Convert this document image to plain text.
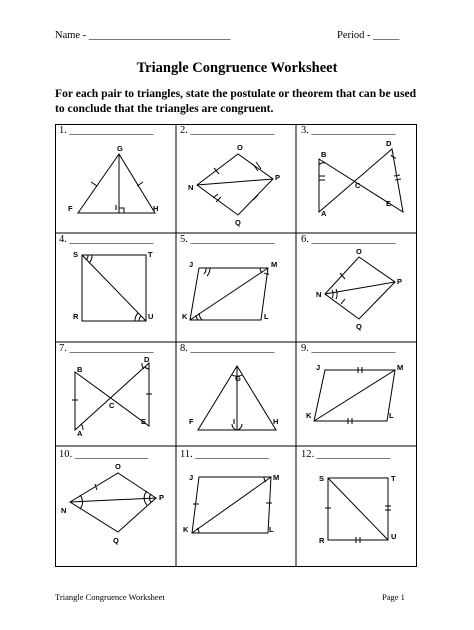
Name - ___________________________	Period - _____
Triangle Congruence Worksheet
For each pair to triangles, state the postulate or theorem that can be used to conclude that the triangles are congruent.
G
F	I	H
O
N
P
Q
B
D
C
A
E
S	T
R	U
J	M
K	L
O
N
P
Q
D
B
C
A
E
G
F	I	H
J	M
K	L
O
N
P
Q
J	M
K	L
S	T
R	U
1. ________________	2. ________________	3. ________________
4. ________________	5. ________________	6. ________________
7. ________________	8. ________________	9. ________________
10. ______________	11. ______________	12. ______________
Triangle Congruence Worksheet	Page 1
